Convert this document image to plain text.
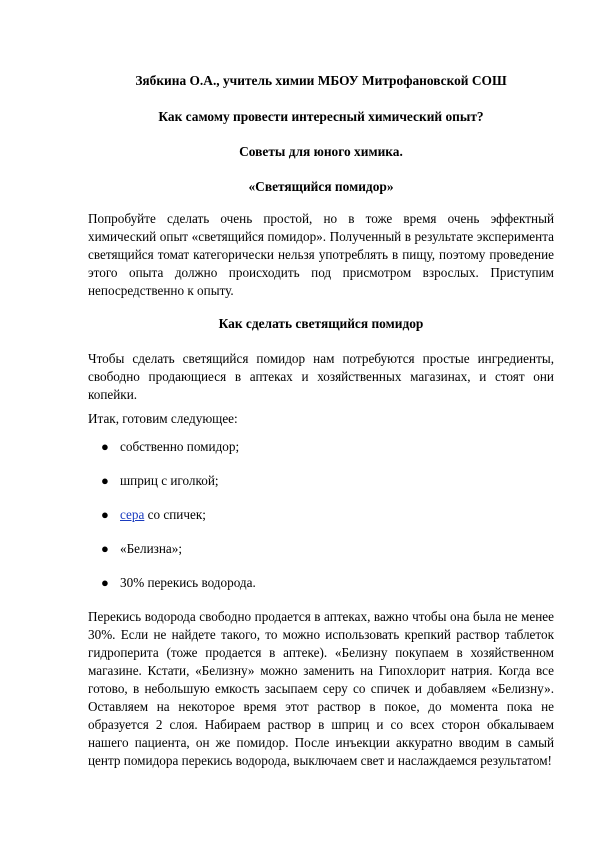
Зябкина О.А., учитель химии МБОУ Митрофановской СОШ

Как самому провести интересный химический опыт?

Советы для юного химика.

«Светящийся помидор»

Попробуйте сделать очень простой, но в тоже время очень эффектный химический опыт «светящийся помидор». Полученный в результате эксперимента светящийся томат категорически нельзя употреблять в пищу, поэтому проведение этого опыта должно происходить под присмотром взрослых. Приступим непосредственно к опыту.

Как сделать светящийся помидор

Чтобы сделать светящийся помидор нам потребуются простые ингредиенты, свободно продающиеся в аптеках и хозяйственных магазинах, и стоят они копейки.

Итак, готовим следующее:

● собственно помидор;
● шприц с иголкой;
● сера со спичек;
● «Белизна»;
● 30% перекись водорода.

Перекись водорода свободно продается в аптеках, важно чтобы она была не менее 30%. Если не найдете такого, то можно использовать крепкий раствор таблеток гидроперита (тоже продается в аптеке). «Белизну покупаем в хозяйственном магазине. Кстати, «Белизну» можно заменить на Гипохлорит натрия. Когда все готово, в небольшую емкость засыпаем серу со спичек и добавляем «Белизну». Оставляем на некоторое время этот раствор в покое, до момента пока не образуется 2 слоя. Набираем раствор в шприц и со всех сторон обкалываем нашего пациента, он же помидор. После инъекции аккуратно вводим в самый центр помидора перекись водорода, выключаем свет и наслаждаемся результатом!
